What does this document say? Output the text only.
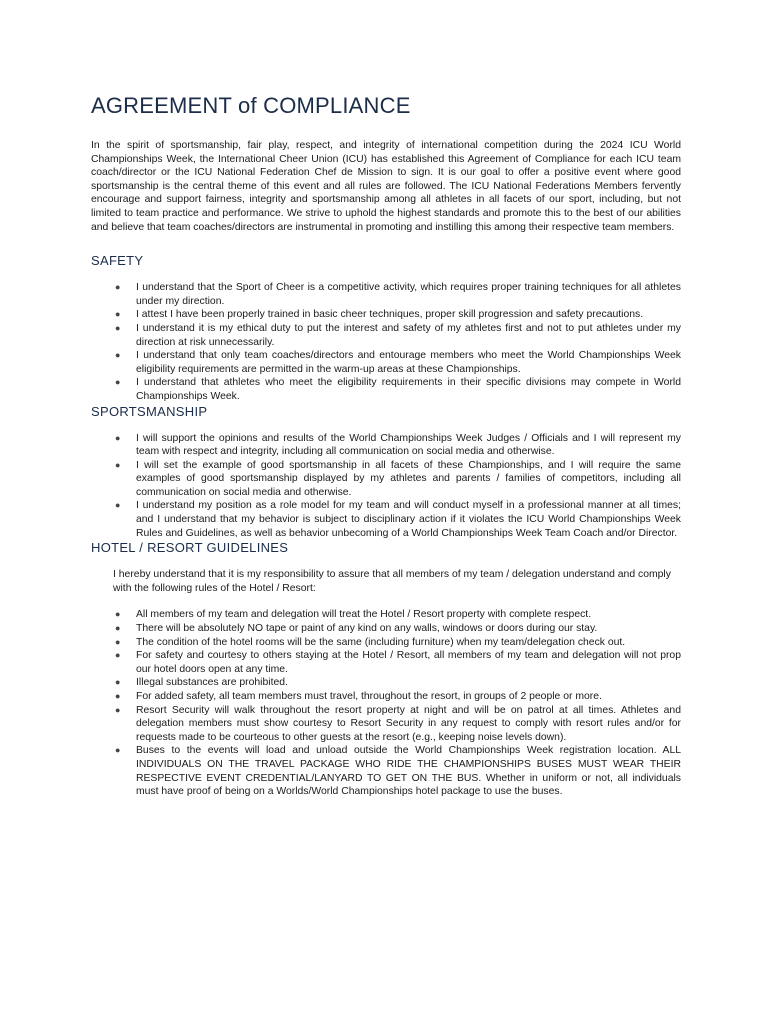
AGREEMENT of COMPLIANCE

In the spirit of sportsmanship, fair play, respect, and integrity of international competition during the 2024 ICU World Championships Week, the International Cheer Union (ICU) has established this Agreement of Compliance for each ICU team coach/director or the ICU National Federation Chef de Mission to sign. It is our goal to offer a positive event where good sportsmanship is the central theme of this event and all rules are followed. The ICU National Federations Members fervently encourage and support fairness, integrity and sportsmanship among all athletes in all facets of our sport, including, but not limited to team practice and performance. We strive to uphold the highest standards and promote this to the best of our abilities and believe that team coaches/directors are instrumental in promoting and instilling this among their respective team members.

SAFETY
● I understand that the Sport of Cheer is a competitive activity, which requires proper training techniques for all athletes under my direction.
● I attest I have been properly trained in basic cheer techniques, proper skill progression and safety precautions.
● I understand it is my ethical duty to put the interest and safety of my athletes first and not to put athletes under my direction at risk unnecessarily.
● I understand that only team coaches/directors and entourage members who meet the World Championships Week eligibility requirements are permitted in the warm-up areas at these Championships.
● I understand that athletes who meet the eligibility requirements in their specific divisions may compete in World Championships Week.
SPORTSMANSHIP
● I will support the opinions and results of the World Championships Week Judges / Officials and I will represent my team with respect and integrity, including all communication on social media and otherwise.
● I will set the example of good sportsmanship in all facets of these Championships, and I will require the same examples of good sportsmanship displayed by my athletes and parents / families of competitors, including all communication on social media and otherwise.
● I understand my position as a role model for my team and will conduct myself in a professional manner at all times; and I understand that my behavior is subject to disciplinary action if it violates the ICU World Championships Week Rules and Guidelines, as well as behavior unbecoming of a World Championships Week Team Coach and/or Director.
HOTEL / RESORT GUIDELINES

I hereby understand that it is my responsibility to assure that all members of my team / delegation understand and comply with the following rules of the Hotel / Resort:

● All members of my team and delegation will treat the Hotel / Resort property with complete respect.
● There will be absolutely NO tape or paint of any kind on any walls, windows or doors during our stay.
● The condition of the hotel rooms will be the same (including furniture) when my team/delegation check out.
● For safety and courtesy to others staying at the Hotel / Resort, all members of my team and delegation will not prop our hotel doors open at any time.
● Illegal substances are prohibited.
● For added safety, all team members must travel, throughout the resort, in groups of 2 people or more.
● Resort Security will walk throughout the resort property at night and will be on patrol at all times. Athletes and delegation members must show courtesy to Resort Security in any request to comply with resort rules and/or for requests made to be courteous to other guests at the resort (e.g., keeping noise levels down).
● Buses to the events will load and unload outside the World Championships Week registration location. ALL INDIVIDUALS ON THE TRAVEL PACKAGE WHO RIDE THE CHAMPIONSHIPS BUSES MUST WEAR THEIR RESPECTIVE EVENT CREDENTIAL/LANYARD TO GET ON THE BUS. Whether in uniform or not, all individuals must have proof of being on a Worlds/World Championships hotel package to use the buses.
